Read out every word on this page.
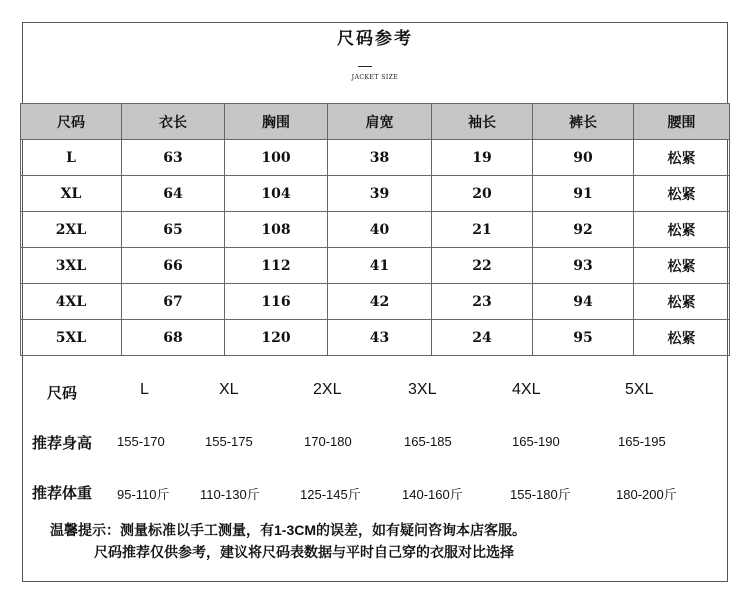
尺码参考
JACKET SIZE
尺码	衣长	胸围	肩宽	袖长	裤长	腰围
L	63	100	38	19	90	松紧
XL	64	104	39	20	91	松紧
2XL	65	108	40	21	92	松紧
3XL	66	112	41	22	93	松紧
4XL	67	116	42	23	94	松紧
5XL	68	120	43	24	95	松紧
尺码	L	XL	2XL	3XL	4XL	5XL
推荐身高 155-170	155-175	170-180	165-185	165-190	165-195
推荐体重 95-110斤 110-130斤	125-145斤	140-160斤	155-180斤	180-200斤
温馨提示：测量标准以手工测量，有1-3CM的误差，如有疑问咨询本店客服。
尺码推荐仅供参考，建议将尺码表数据与平时自己穿的衣服对比选择
